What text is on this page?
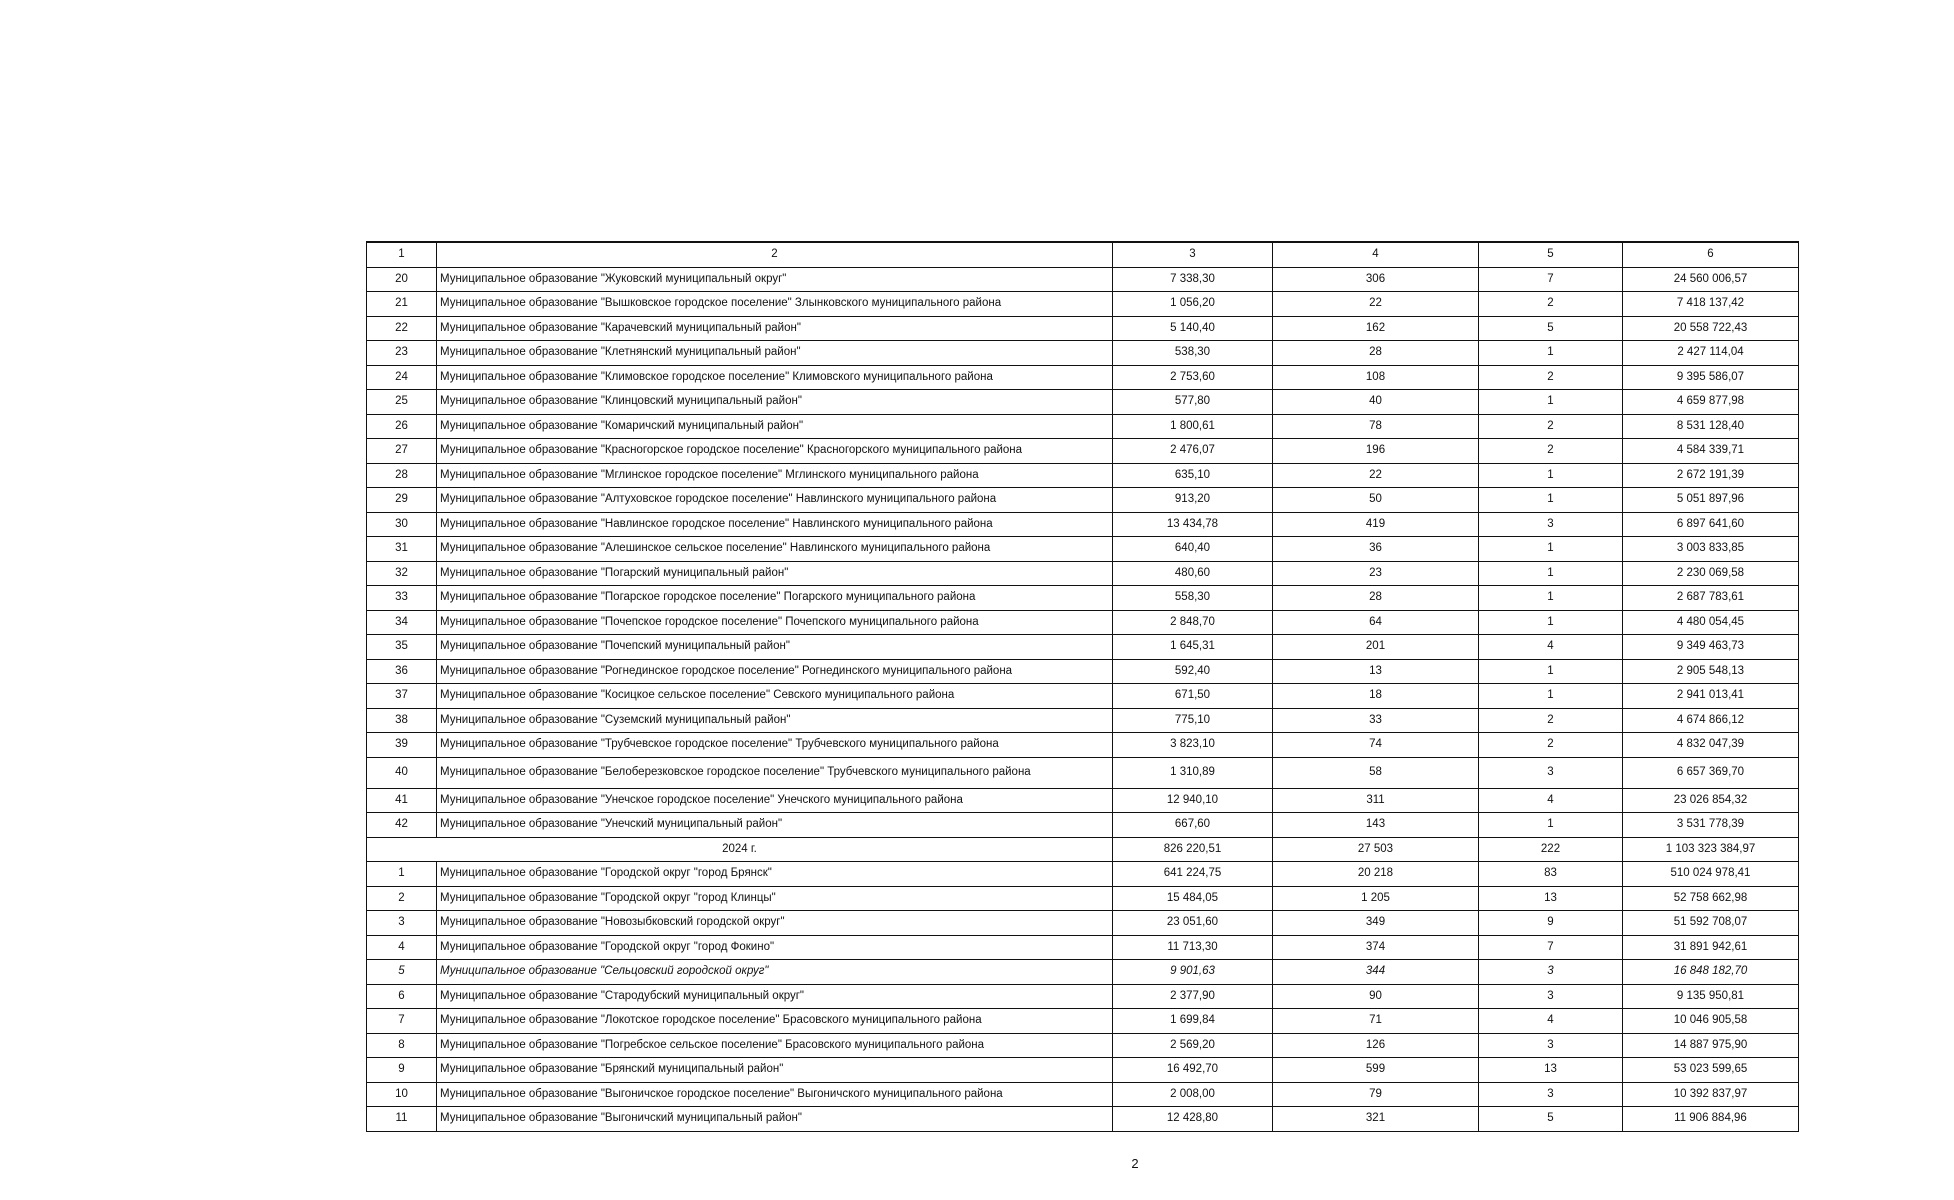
1	2	3	4	5	6
20	Муниципальное образование "Жуковский муниципальный округ"	7 338,30	306	7	24 560 006,57
21	Муниципальное образование "Вышковское городское поселение" Злынковского муниципального района	1 056,20	22	2	7 418 137,42
22	Муниципальное образование "Карачевский муниципальный район"	5 140,40	162	5	20 558 722,43
23	Муниципальное образование "Клетнянский муниципальный район"	538,30	28	1	2 427 114,04
24	Муниципальное образование "Климовское городское поселение" Климовского муниципального района	2 753,60	108	2	9 395 586,07
25	Муниципальное образование "Клинцовский муниципальный район"	577,80	40	1	4 659 877,98
26	Муниципальное образование "Комаричский муниципальный район"	1 800,61	78	2	8 531 128,40
27	Муниципальное образование "Красногорское городское поселение" Красногорского муниципального района	2 476,07	196	2	4 584 339,71
28	Муниципальное образование "Мглинское городское поселение" Мглинского муниципального района	635,10	22	1	2 672 191,39
29	Муниципальное образование "Алтуховское городское поселение" Навлинского муниципального района	913,20	50	1	5 051 897,96
30	Муниципальное образование "Навлинское городское поселение" Навлинского муниципального района	13 434,78	419	3	6 897 641,60
31	Муниципальное образование "Алешинское сельское поселение" Навлинского муниципального района	640,40	36	1	3 003 833,85
32	Муниципальное образование "Погарский муниципальный район"	480,60	23	1	2 230 069,58
33	Муниципальное образование "Погарское городское поселение" Погарского муниципального района	558,30	28	1	2 687 783,61
34	Муниципальное образование "Почепское городское поселение" Почепского муниципального района	2 848,70	64	1	4 480 054,45
35	Муниципальное образование "Почепский муниципальный район"	1 645,31	201	4	9 349 463,73
36	Муниципальное образование "Рогнединское городское поселение" Рогнединского муниципального района	592,40	13	1	2 905 548,13
37	Муниципальное образование "Косицкое сельское поселение" Севского муниципального района	671,50	18	1	2 941 013,41
38	Муниципальное образование "Суземский муниципальный район"	775,10	33	2	4 674 866,12
39	Муниципальное образование "Трубчевское городское поселение" Трубчевского муниципального района	3 823,10	74	2	4 832 047,39
40	Муниципальное образование "Белоберезковское городское поселение" Трубчевского муниципального района	1 310,89	58	3	6 657 369,70
41	Муниципальное образование "Унечское городское поселение" Унечского муниципального района	12 940,10	311	4	23 026 854,32
42	Муниципальное образование "Унечский муниципальный район"	667,60	143	1	3 531 778,39
2024 г.		826 220,51	27 503	222	1 103 323 384,97
1	Муниципальное образование "Городской округ "город Брянск"	641 224,75	20 218	83	510 024 978,41
2	Муниципальное образование "Городской округ "город Клинцы"	15 484,05	1 205	13	52 758 662,98
3	Муниципальное образование "Новозыбковский городской округ"	23 051,60	349	9	51 592 708,07
4	Муниципальное образование "Городской округ "город Фокино"	11 713,30	374	7	31 891 942,61
5	Муниципальное образование "Сельцовский городской округ"	9 901,63	344	3	16 848 182,70
6	Муниципальное образование "Стародубский муниципальный округ"	2 377,90	90	3	9 135 950,81
7	Муниципальное образование "Локотское городское поселение" Брасовского муниципального района	1 699,84	71	4	10 046 905,58
8	Муниципальное образование "Погребское сельское поселение" Брасовского муниципального района	2 569,20	126	3	14 887 975,90
9	Муниципальное образование "Брянский муниципальный район"	16 492,70	599	13	53 023 599,65
10	Муниципальное образование "Выгоничское городское поселение" Выгоничского муниципального района	2 008,00	79	3	10 392 837,97
11	Муниципальное образование "Выгоничский муниципальный район"	12 428,80	321	5	11 906 884,96
2
